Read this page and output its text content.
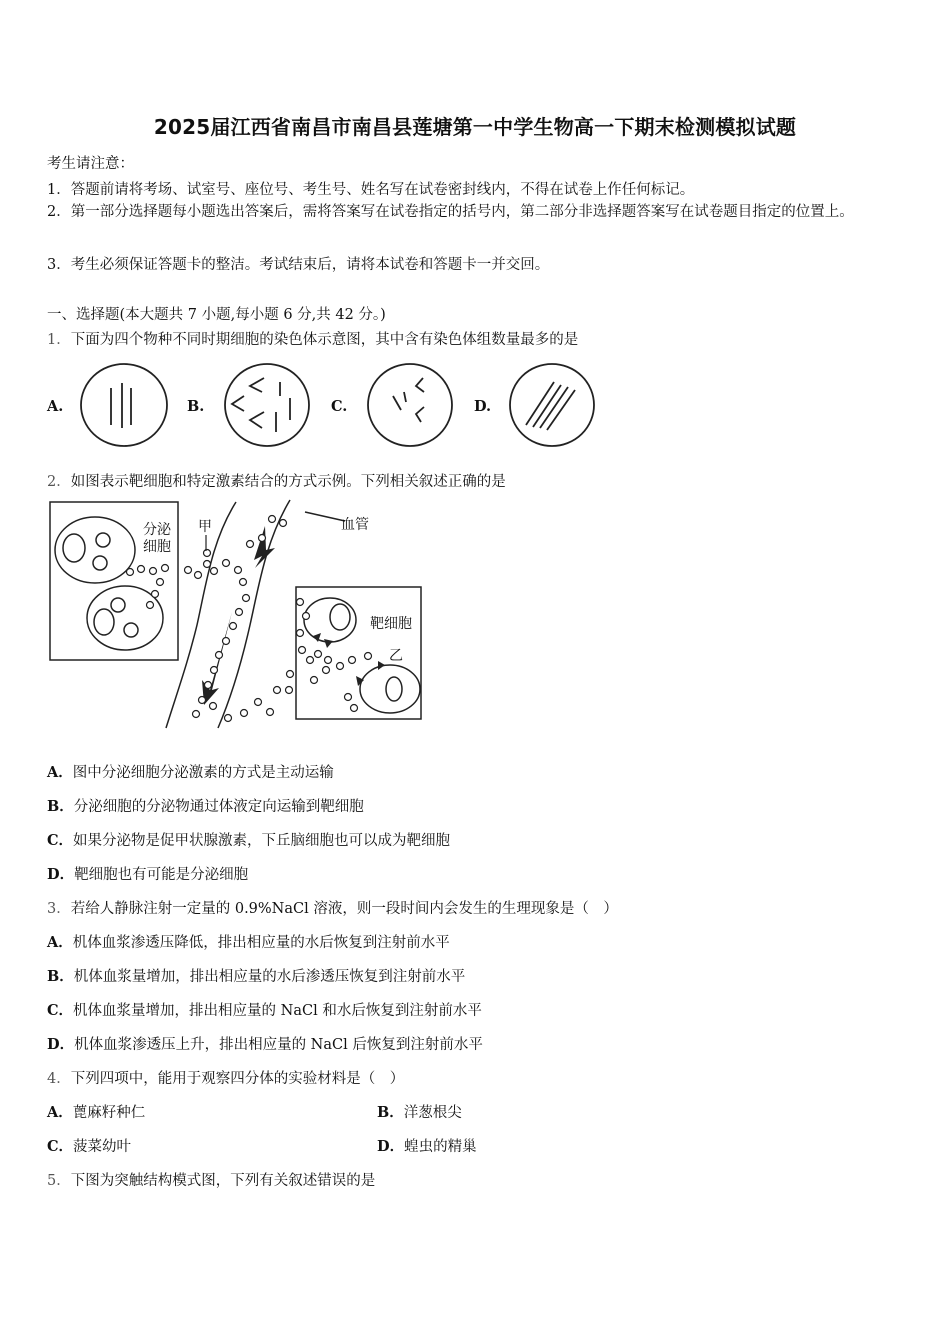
2025届江西省南昌市南昌县莲塘第一中学生物高一下期末检测模拟试题
考生请注意：
1．答题前请将考场、试室号、座位号、考生号、姓名写在试卷密封线内，不得在试卷上作任何标记。
2．第一部分选择题每小题选出答案后，需将答案写在试卷指定的括号内，第二部分非选择题答案写在试卷题目指定的位置上。
3．考生必须保证答题卡的整洁。考试结束后，请将本试卷和答题卡一并交回。
一、选择题(本大题共 7 小题,每小题 6 分,共 42 分。)
1．下面为四个物种不同时期细胞的染色体示意图，其中含有染色体组数量最多的是
A.	B.	C.	D.
2．如图表示靶细胞和特定激素结合的方式示例。下列相关叙述正确的是
分泌细胞
甲	血管
靶细胞
乙
A．图中分泌细胞分泌激素的方式是主动运输
B．分泌细胞的分泌物通过体液定向运输到靶细胞
C．如果分泌物是促甲状腺激素，下丘脑细胞也可以成为靶细胞
D．靶细胞也有可能是分泌细胞
3．若给人静脉注射一定量的 0.9%NaCl 溶液，则一段时间内会发生的生理现象是（　）
A．机体血浆渗透压降低，排出相应量的水后恢复到注射前水平
B．机体血浆量增加，排出相应量的水后渗透压恢复到注射前水平
C．机体血浆量增加，排出相应量的 NaCl 和水后恢复到注射前水平
D．机体血浆渗透压上升，排出相应量的 NaCl 后恢复到注射前水平
4．下列四项中，能用于观察四分体的实验材料是（　）
A．蓖麻籽种仁	B．洋葱根尖
C．菠菜幼叶	D．蝗虫的精巢
5．下图为突触结构模式图，下列有关叙述错误的是
